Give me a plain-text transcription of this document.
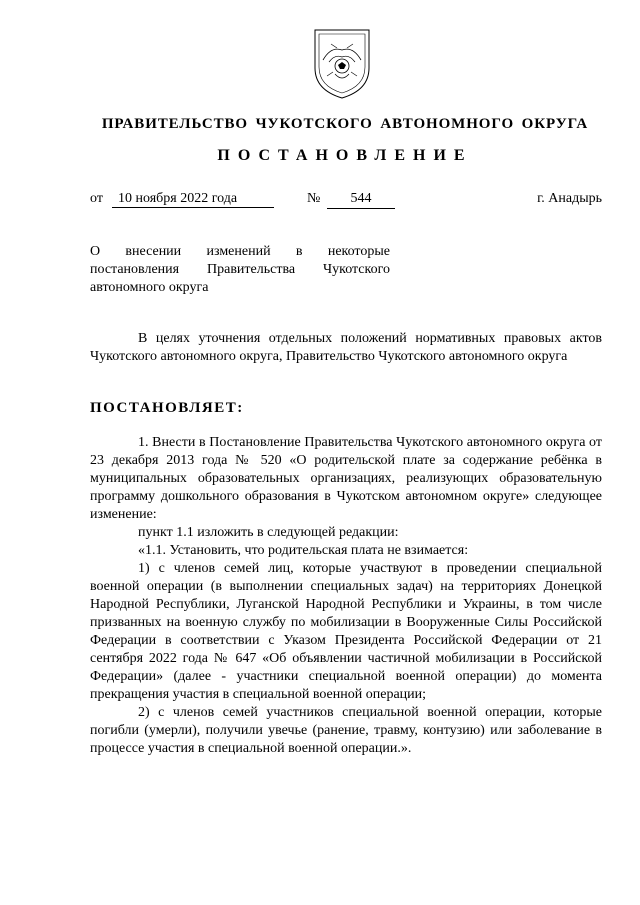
ПРАВИТЕЛЬСТВО ЧУКОТСКОГО АВТОНОМНОГО ОКРУГА
ПОСТАНОВЛЕНИЕ
от	10 ноября 2022 года	№	544	г. Анадырь
О внесении изменений в некоторые постановления Правительства Чукотского автономного округа
В целях уточнения отдельных положений нормативных правовых актов Чукотского автономного округа, Правительство Чукотского автономного округа
ПОСТАНОВЛЯЕТ:

1. Внести в Постановление Правительства Чукотского автономного округа от 23 декабря 2013 года № 520 «О родительской плате за содержание ребёнка в муниципальных образовательных организациях, реализующих образовательную программу дошкольного образования в Чукотском автономном округе» следующее изменение:

пункт 1.1 изложить в следующей редакции:

«1.1. Установить, что родительская плата не взимается:

1) с членов семей лиц, которые участвуют в проведении специальной военной операции (в выполнении специальных задач) на территориях Донецкой Народной Республики, Луганской Народной Республики и Украины, в том числе призванных на военную службу по мобилизации в Вооруженные Силы Российской Федерации в соответствии с Указом Президента Российской Федерации от 21 сентября 2022 года № 647 «Об объявлении частичной мобилизации в Российской Федерации» (далее - участники специальной военной операции) до момента прекращения участия в специальной военной операции;

2) с членов семей участников специальной военной операции, которые погибли (умерли), получили увечье (ранение, травму, контузию) или заболевание в процессе участия в специальной военной операции.».
